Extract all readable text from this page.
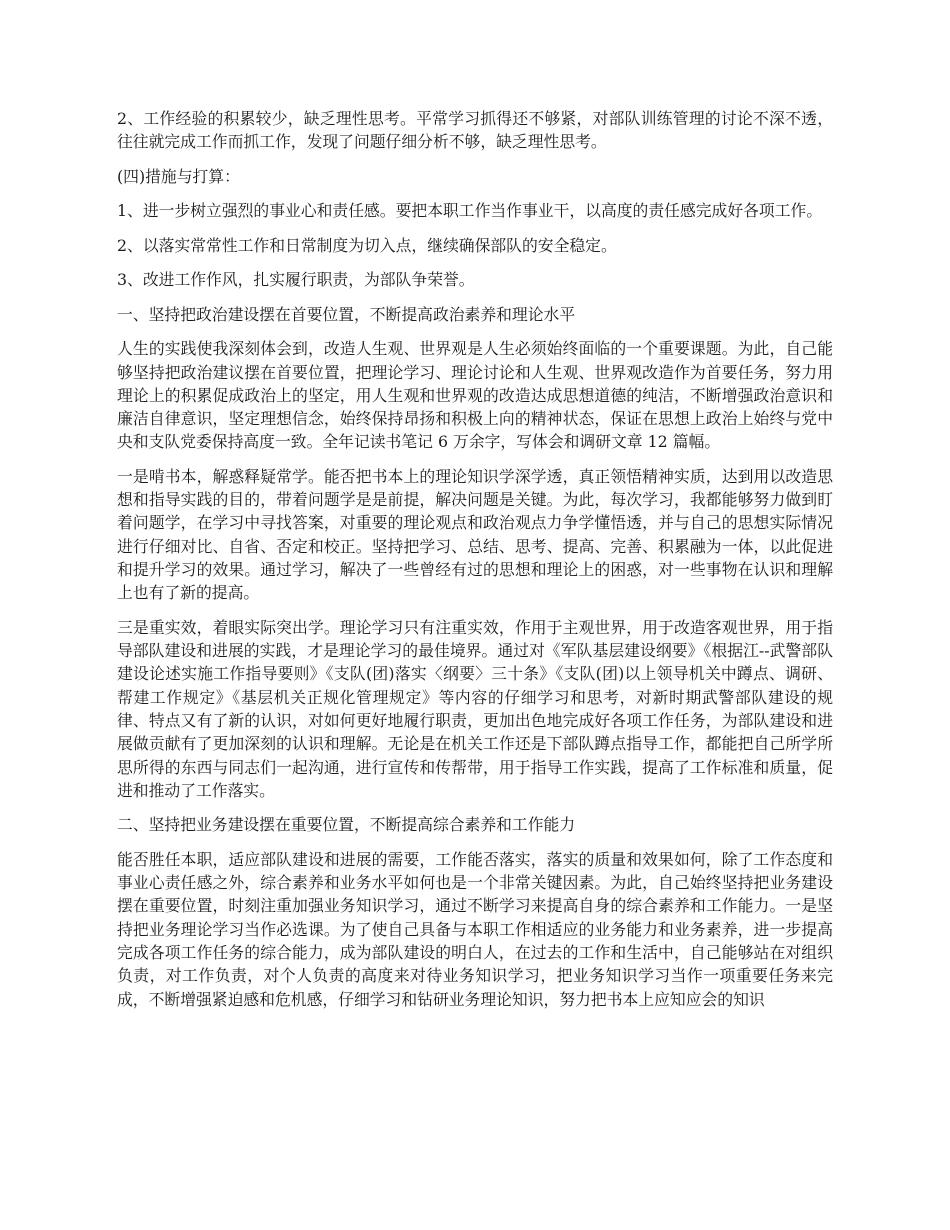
2、工作经验的积累较少，缺乏理性思考。平常学习抓得还不够紧，对部队训练管理的讨论不深不透，往往就完成工作而抓工作，发现了问题仔细分析不够，缺乏理性思考。

(四)措施与打算：

1、进一步树立强烈的事业心和责任感。要把本职工作当作事业干，以高度的责任感完成好各项工作。

2、以落实常常性工作和日常制度为切入点，继续确保部队的安全稳定。

3、改进工作作风，扎实履行职责，为部队争荣誉。

一、坚持把政治建设摆在首要位置，不断提高政治素养和理论水平

人生的实践使我深刻体会到，改造人生观、世界观是人生必须始终面临的一个重要课题。为此，自己能够坚持把政治建议摆在首要位置，把理论学习、理论讨论和人生观、世界观改造作为首要任务，努力用理论上的积累促成政治上的坚定，用人生观和世界观的改造达成思想道德的纯洁，不断增强政治意识和廉洁自律意识，坚定理想信念，始终保持昂扬和积极上向的精神状态，保证在思想上政治上始终与党中央和支队党委保持高度一致。全年记读书笔记 6 万余字，写体会和调研文章 12 篇幅。

一是啃书本，解惑释疑常学。能否把书本上的理论知识学深学透，真正领悟精神实质，达到用以改造思想和指导实践的目的，带着问题学是是前提，解决问题是关键。为此，每次学习，我都能够努力做到盯着问题学，在学习中寻找答案，对重要的理论观点和政治观点力争学懂悟透，并与自己的思想实际情况进行仔细对比、自省、否定和校正。坚持把学习、总结、思考、提高、完善、积累融为一体，以此促进和提升学习的效果。通过学习，解决了一些曾经有过的思想和理论上的困惑，对一些事物在认识和理解上也有了新的提高。

三是重实效，着眼实际突出学。理论学习只有注重实效，作用于主观世界，用于改造客观世界，用于指导部队建设和进展的实践，才是理论学习的最佳境界。通过对《军队基层建设纲要》《根据江--武警部队建设论述实施工作指导要则》《支队(团)落实〈纲要〉三十条》《支队(团)以上领导机关中蹲点、调研、帮建工作规定》《基层机关正规化管理规定》等内容的仔细学习和思考，对新时期武警部队建设的规律、特点又有了新的认识，对如何更好地履行职责，更加出色地完成好各项工作任务，为部队建设和进展做贡献有了更加深刻的认识和理解。无论是在机关工作还是下部队蹲点指导工作，都能把自己所学所思所得的东西与同志们一起沟通，进行宣传和传帮带，用于指导工作实践，提高了工作标准和质量，促进和推动了工作落实。

二、坚持把业务建设摆在重要位置，不断提高综合素养和工作能力

能否胜任本职，适应部队建设和进展的需要，工作能否落实，落实的质量和效果如何，除了工作态度和事业心责任感之外，综合素养和业务水平如何也是一个非常关键因素。为此，自己始终坚持把业务建设摆在重要位置，时刻注重加强业务知识学习，通过不断学习来提高自身的综合素养和工作能力。一是坚持把业务理论学习当作必选课。为了使自己具备与本职工作相适应的业务能力和业务素养，进一步提高完成各项工作任务的综合能力，成为部队建设的明白人，在过去的工作和生活中，自己能够站在对组织负责，对工作负责，对个人负责的高度来对待业务知识学习，把业务知识学习当作一项重要任务来完成，不断增强紧迫感和危机感，仔细学习和钻研业务理论知识，努力把书本上应知应会的知识
